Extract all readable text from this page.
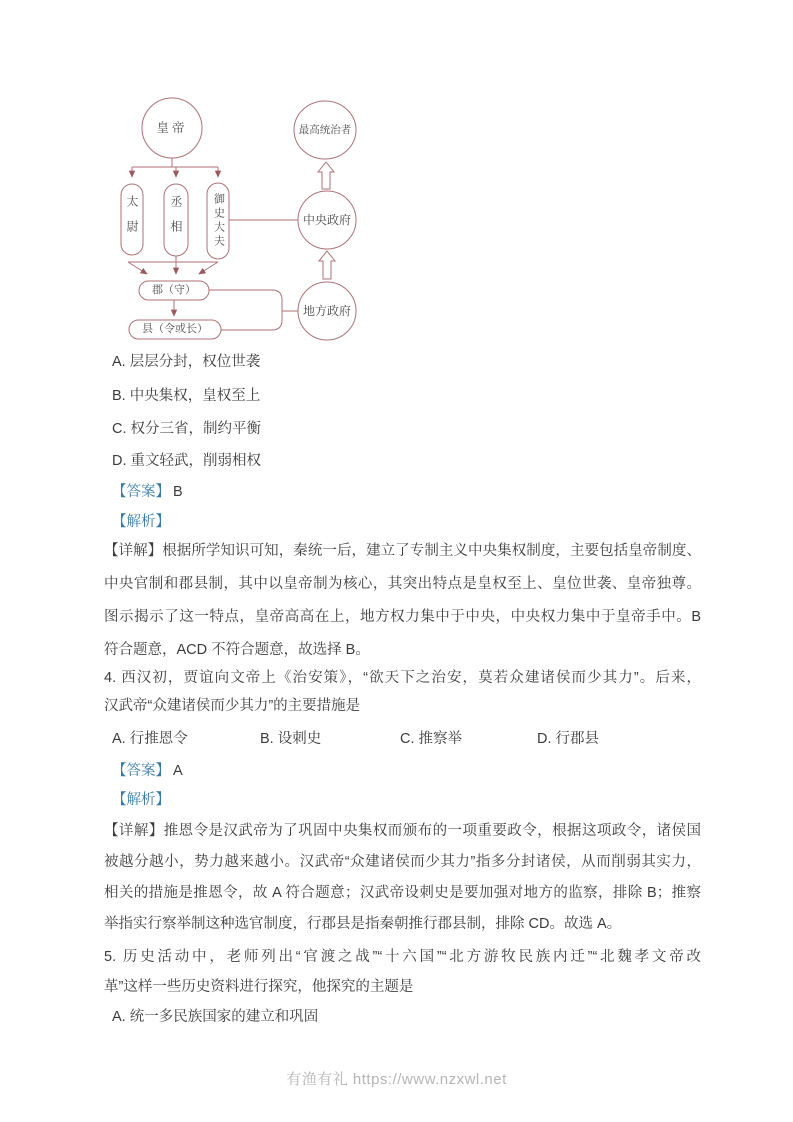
皇帝	最高统治者
中央政府
地方政府
太尉	丞相	御史大夫
郡（守）
县（令或长）
A. 层层分封，权位世袭
B. 中央集权，皇权至上
C. 权分三省，制约平衡
D. 重文轻武，削弱相权
【答案】 B
【解析】
【详解】根据所学知识可知，秦统一后，建立了专制主义中央集权制度，主要包括皇帝制度、
中央官制和郡县制，其中以皇帝制为核心，其突出特点是皇权至上、皇位世袭、皇帝独尊。
图示揭示了这一特点，皇帝高高在上，地方权力集中于中央，中央权力集中于皇帝手中。B
符合题意，ACD 不符合题意，故选择 B。
4. 西汉初，贾谊向文帝上《治安策》，“欲天下之治安，莫若众建诸侯而少其力”。后来，
汉武帝“众建诸侯而少其力”的主要措施是

A. 行推恩令

	B. 设刺史

	C. 推察举

	D. 行郡县

【答案】 A
【解析】
【详解】推恩令是汉武帝为了巩固中央集权而颁布的一项重要政令，根据这项政令，诸侯国
被越分越小，势力越来越小。汉武帝“众建诸侯而少其力”指多分封诸侯，从而削弱其实力，
相关的措施是推恩令，故 A 符合题意；汉武帝设刺史是要加强对地方的监察，排除 B；推察
举指实行察举制这种选官制度，行郡县是指秦朝推行郡县制，排除 CD。故选 A。
5. 历史活动中，老师列出“官渡之战”“十六国”“北方游牧民族内迁”“北魏孝文帝改
革”这样一些历史资料进行探究，他探究的主题是
A. 统一多民族国家的建立和巩固
有渔有礼 https://www.nzxwl.net
